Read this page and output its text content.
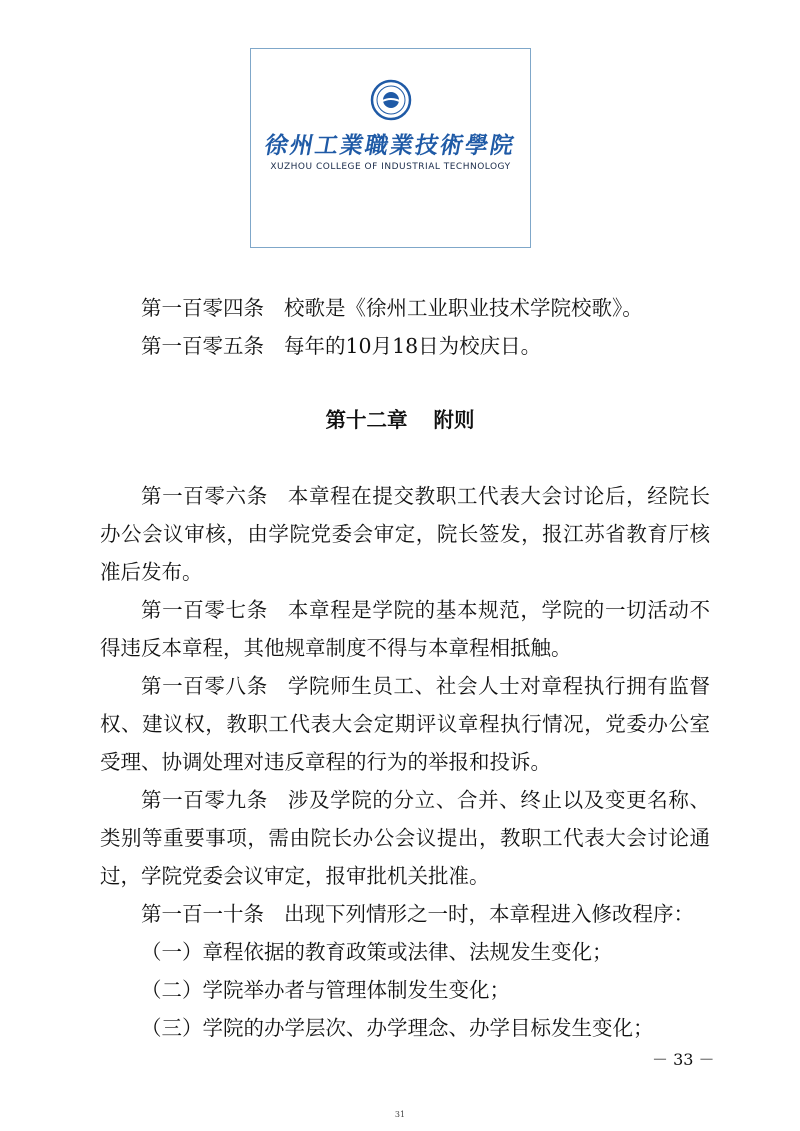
徐州工業職業技術學院
XUZHOU COLLEGE OF INDUSTRIAL TECHNOLOGY
第一百零四条 校歌是《徐州工业职业技术学院校歌》。
第一百零五条 每年的10月18日为校庆日。
第十二章 附则

第一百零六条 本章程在提交教职工代表大会讨论后，经院长办公会议审核，由学院党委会审定，院长签发，报江苏省教育厅核准后发布。

第一百零七条 本章程是学院的基本规范，学院的一切活动不得违反本章程，其他规章制度不得与本章程相抵触。

第一百零八条 学院师生员工、社会人士对章程执行拥有监督权、建议权，教职工代表大会定期评议章程执行情况，党委办公室受理、协调处理对违反章程的行为的举报和投诉。

第一百零九条 涉及学院的分立、合并、终止以及变更名称、类别等重要事项，需由院长办公会议提出，教职工代表大会讨论通过，学院党委会议审定，报审批机关批准。

第一百一十条 出现下列情形之一时，本章程进入修改程序：
（一）章程依据的教育政策或法律、法规发生变化；
（二）学院举办者与管理体制发生变化；
（三）学院的办学层次、办学理念、办学目标发生变化；
－ 33 －
31
